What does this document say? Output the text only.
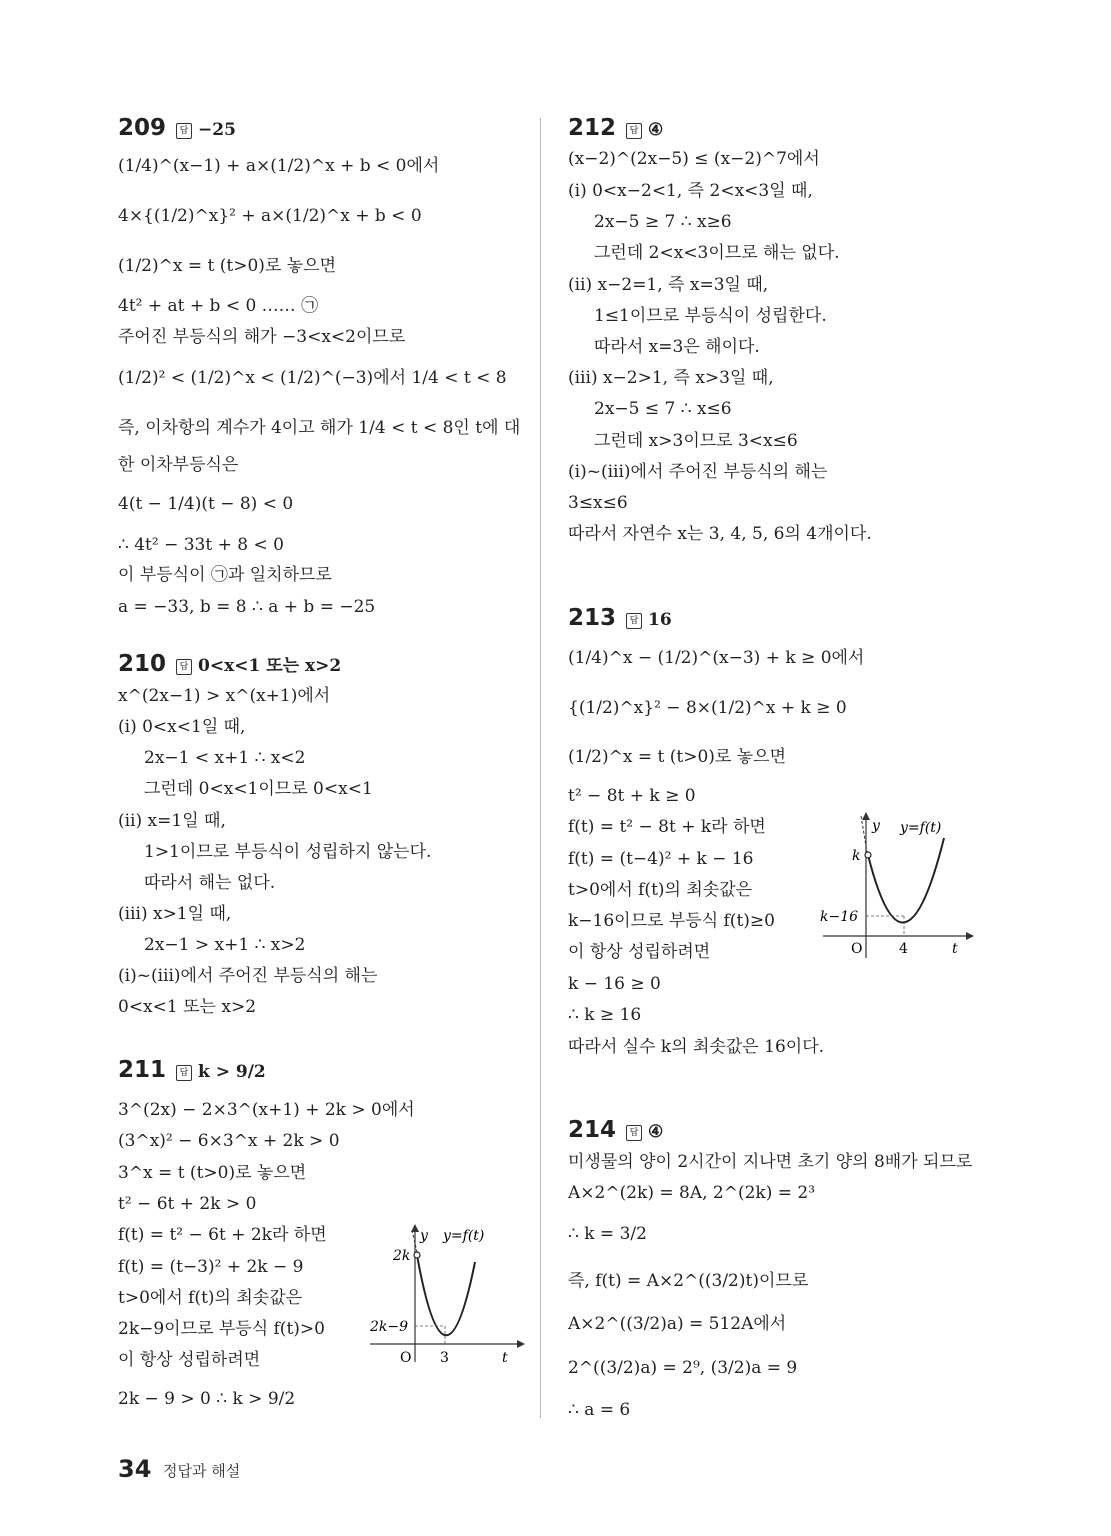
209 답 −25
(1/4)^(x−1) + a×(1/2)^x + b < 0에서
4×{(1/2)^x}² + a×(1/2)^x + b < 0
(1/2)^x = t (t>0)로 놓으면
4t² + at + b < 0 …… ㉠
주어진 부등식의 해가 −3<x<2이므로
(1/2)² < (1/2)^x < (1/2)^(−3)에서 1/4 < t < 8
즉, 이차항의 계수가 4이고 해가 1/4 < t < 8인 t에 대
한 이차부등식은
4(t − 1/4)(t − 8) < 0
∴ 4t² − 33t + 8 < 0
이 부등식이 ㉠과 일치하므로
a = −33, b = 8 ∴ a + b = −25
210 답 0<x<1 또는 x>2
x^(2x−1) > x^(x+1)에서
(ⅰ) 0<x<1일 때,
2x−1 < x+1 ∴ x<2
그런데 0<x<1이므로 0<x<1
(ⅱ) x=1일 때,
1>1이므로 부등식이 성립하지 않는다.
따라서 해는 없다.
(ⅲ) x>1일 때,
2x−1 > x+1 ∴ x>2
(ⅰ)~(ⅲ)에서 주어진 부등식의 해는
0<x<1 또는 x>2
211 답 k > 9/2
3^(2x) − 2×3^(x+1) + 2k > 0에서
(3^x)² − 6×3^x + 2k > 0
3^x = t (t>0)로 놓으면
t² − 6t + 2k > 0
f(t) = t² − 6t + 2k라 하면
f(t) = (t−3)² + 2k − 9
t>0에서 f(t)의 최솟값은
2k−9이므로 부등식 f(t)>0
이 항상 성립하려면
2k − 9 > 0 ∴ k > 9/2
y y=f(t)
2k
2k−9
O 3	t
212 답 ④
(x−2)^(2x−5) ≤ (x−2)^7에서
(ⅰ) 0<x−2<1, 즉 2<x<3일 때,
2x−5 ≥ 7 ∴ x≥6
그런데 2<x<3이므로 해는 없다.
(ⅱ) x−2=1, 즉 x=3일 때,
1≤1이므로 부등식이 성립한다.
따라서 x=3은 해이다.
(ⅲ) x−2>1, 즉 x>3일 때,
2x−5 ≤ 7 ∴ x≤6
그런데 x>3이므로 3<x≤6
(ⅰ)~(ⅲ)에서 주어진 부등식의 해는
3≤x≤6
따라서 자연수 x는 3, 4, 5, 6의 4개이다.
213 답 16
(1/4)^x − (1/2)^(x−3) + k ≥ 0에서
{(1/2)^x}² − 8×(1/2)^x + k ≥ 0
(1/2)^x = t (t>0)로 놓으면
t² − 8t + k ≥ 0
f(t) = t² − 8t + k라 하면
f(t) = (t−4)² + k − 16
t>0에서 f(t)의 최솟값은
k−16이므로 부등식 f(t)≥0
이 항상 성립하려면
k − 16 ≥ 0
∴ k ≥ 16
따라서 실수 k의 최솟값은 16이다.
214 답 ④
미생물의 양이 2시간이 지나면 초기 양의 8배가 되므로
A×2^(2k) = 8A, 2^(2k) = 2³
∴ k = 3/2
즉, f(t) = A×2^((3/2)t)이므로
A×2^((3/2)a) = 512A에서
2^((3/2)a) = 2⁹, (3/2)a = 9
∴ a = 6
y y=f(t)
k
k−16
O	4	t
34 정답과 해설
